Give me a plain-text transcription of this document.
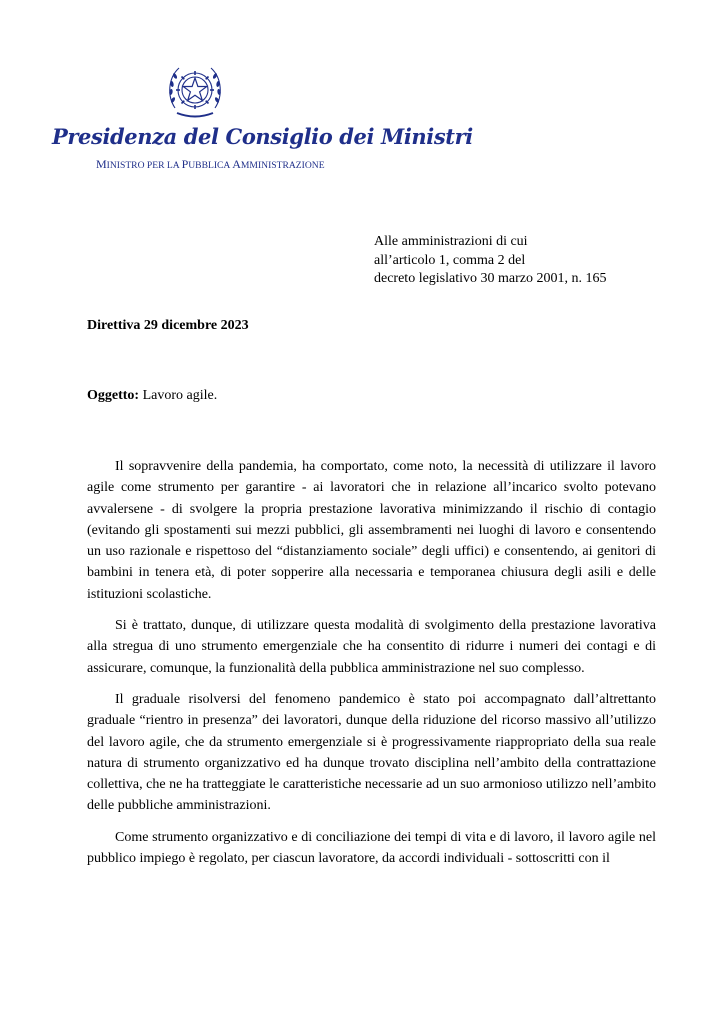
Presidenza del Consiglio dei Ministri
MINISTRO PER LA PUBBLICA AMMINISTRAZIONE
Alle amministrazioni di cui
all’articolo 1, comma 2 del
decreto legislativo 30 marzo 2001, n. 165
Direttiva 29 dicembre 2023
Oggetto: Lavoro agile.

Il sopravvenire della pandemia, ha comportato, come noto, la necessità di utilizzare il lavoro agile come strumento per garantire - ai lavoratori che in relazione all’incarico svolto potevano avvalersene - di svolgere la propria prestazione lavorativa minimizzando il rischio di contagio (evitando gli spostamenti sui mezzi pubblici, gli assembramenti nei luoghi di lavoro e consentendo un uso razionale e rispettoso del “distanziamento sociale” degli uffici) e consentendo, ai genitori di bambini in tenera età, di poter sopperire alla necessaria e temporanea chiusura degli asili e delle istituzioni scolastiche.

Si è trattato, dunque, di utilizzare questa modalità di svolgimento della prestazione lavorativa alla stregua di uno strumento emergenziale che ha consentito di ridurre i numeri dei contagi e di assicurare, comunque, la funzionalità della pubblica amministrazione nel suo complesso.

Il graduale risolversi del fenomeno pandemico è stato poi accompagnato dall’altrettanto graduale “rientro in presenza” dei lavoratori, dunque della riduzione del ricorso massivo all’utilizzo del lavoro agile, che da strumento emergenziale si è progressivamente riappropriato della sua reale natura di strumento organizzativo ed ha dunque trovato disciplina nell’ambito della contrattazione collettiva, che ne ha tratteggiate le caratteristiche necessarie ad un suo armonioso utilizzo nell’ambito delle pubbliche amministrazioni.

Come strumento organizzativo e di conciliazione dei tempi di vita e di lavoro, il lavoro agile nel pubblico impiego è regolato, per ciascun lavoratore, da accordi individuali - sottoscritti con il
